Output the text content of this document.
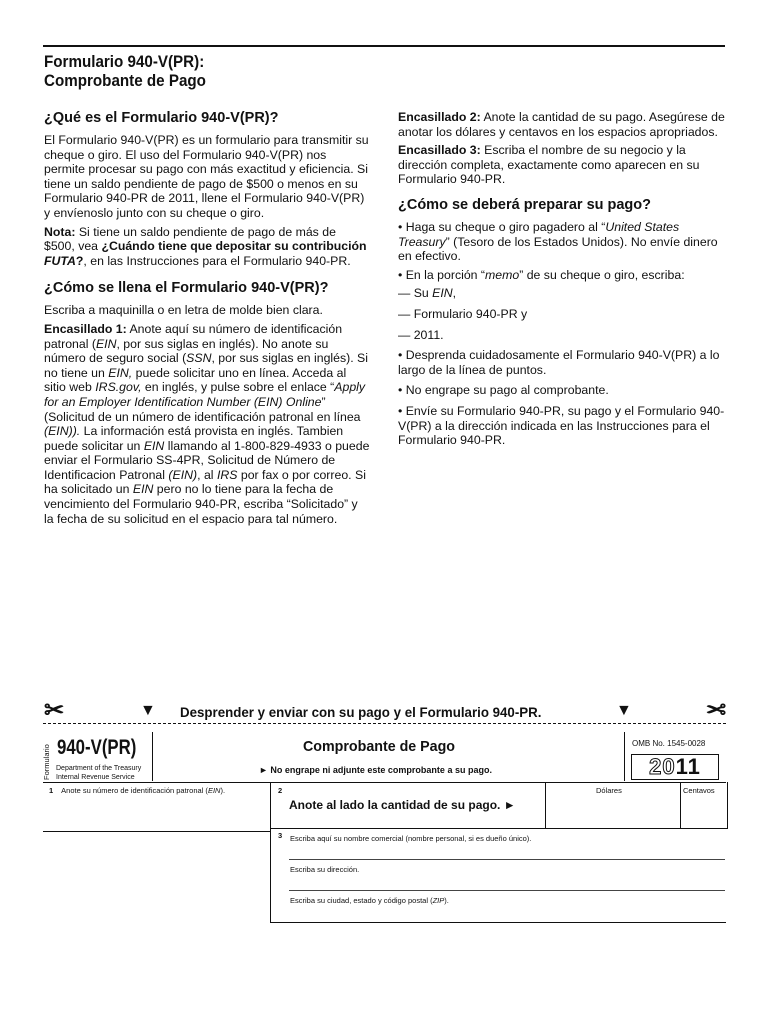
Formulario 940-V(PR):
Comprobante de Pago
¿Qué es el Formulario 940-V(PR)?

El Formulario 940-V(PR) es un formulario para transmitir su cheque o giro. El uso del Formulario 940-V(PR) nos permite procesar su pago con más exactitud y eficiencia. Si tiene un saldo pendiente de pago de $500 o menos en su Formulario 940-PR de 2011, llene el Formulario 940-V(PR) y envíenoslo junto con su cheque o giro.

Nota: Si tiene un saldo pendiente de pago de más de $500, vea ¿Cuándo tiene que depositar su contribución FUTA?, en las Instrucciones para el Formulario 940-PR.

¿Cómo se llena el Formulario 940-V(PR)?

Escriba a maquinilla o en letra de molde bien clara.

Encasillado 1: Anote aquí su número de identificación patronal (EIN, por sus siglas en inglés). No anote su número de seguro social (SSN, por sus siglas en inglés). Si no tiene un EIN, puede solicitar uno en línea. Acceda al sitio web IRS.gov, en inglés, y pulse sobre el enlace “Apply for an Employer Identification Number (EIN) Online” (Solicitud de un número de identificación patronal en línea (EIN)). La información está provista en inglés. Tambien puede solicitar un EIN llamando al 1-800-829-4933 o puede enviar el Formulario SS-4PR, Solicitud de Número de Identificacion Patronal (EIN), al IRS por fax o por correo. Si ha solicitado un EIN pero no lo tiene para la fecha de vencimiento del Formulario 940-PR, escriba “Solicitado” y la fecha de su solicitud en el espacio para tal número.

Encasillado 2: Anote la cantidad de su pago. Asegúrese de anotar los dólares y centavos en los espacios apropriados.

Encasillado 3: Escriba el nombre de su negocio y la dirección completa, exactamente como aparecen en su Formulario 940-PR.

¿Cómo se deberá preparar su pago?

• Haga su cheque o giro pagadero al “United States Treasury” (Tesoro de los Estados Unidos). No envíe dinero en efectivo.

• En la porción “memo” de su cheque o giro, escriba:

— Su EIN,

— Formulario 940-PR y

— 2011.

• Desprenda cuidadosamente el Formulario 940-V(PR) a lo largo de la línea de puntos.

• No engrape su pago al comprobante.

• Envíe su Formulario 940-PR, su pago y el Formulario 940-V(PR) a la dirección indicada en las Instrucciones para el Formulario 940-PR.

✂	▼ Desprender y enviar con su pago y el Formulario 940-PR.	▼	✂
Formulario 940-V(PR)
Department of the Treasury
Internal Revenue Service
Comprobante de Pago
► No engrape ni adjunte este comprobante a su pago.
OMB No. 1545-0028
2011
1 Anote su número de identificación patronal (EIN).	2
Anote al lado la cantidad de su pago. ►
Dólares	Centavos
3 Escriba aquí su nombre comercial (nombre personal, si es dueño único).
Escriba su dirección.
Escriba su ciudad, estado y código postal (ZIP).
